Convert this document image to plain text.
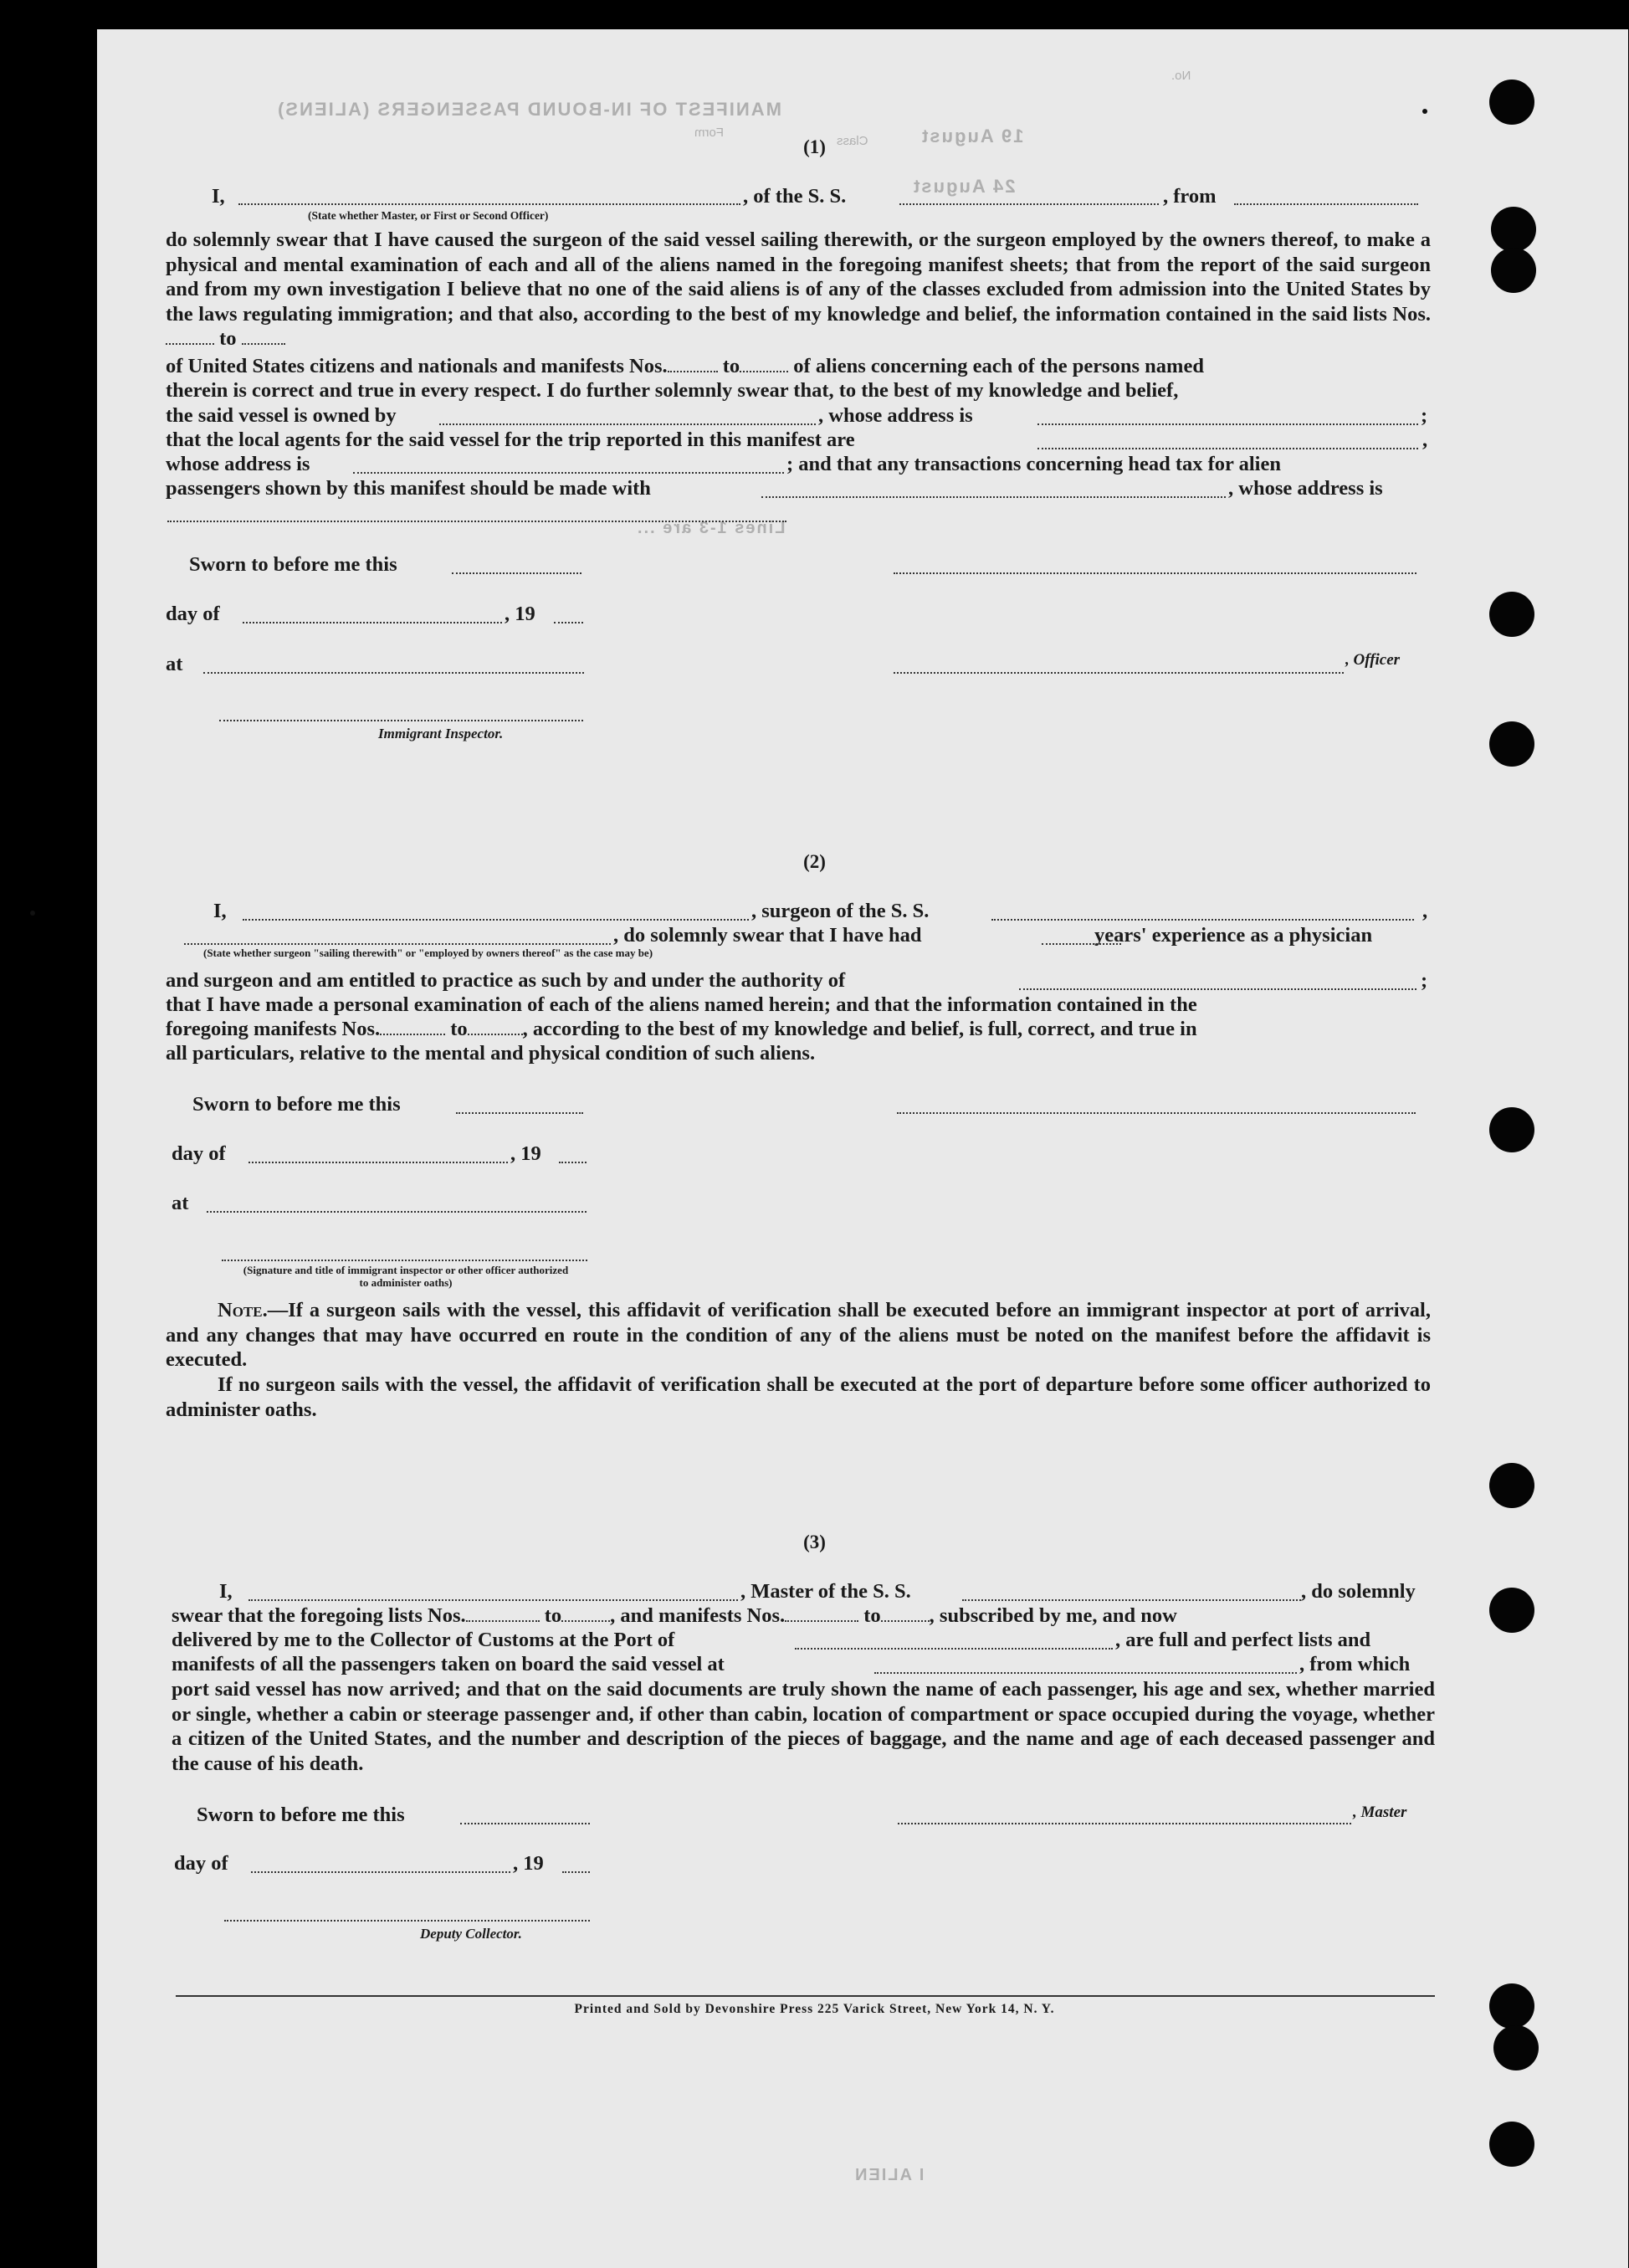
MANIFEST OF IN-BOUND PASSENGERS (ALIENS)
Class
Form
No.
19 August
24 August
Lines 1-3 are ...
I ALIEN
(1)
I,	, of the S. S.	, from
(State whether Master, or First or Second Officer)
do solemnly swear that I have caused the surgeon of the said vessel sailing therewith, or the surgeon employed by the owners thereof, to make a physical and mental examination of each and all of the aliens named in the foregoing manifest sheets; that from the report of the said surgeon and from my own investigation I believe that no one of the said aliens is of any of the classes excluded from admission into the United States by the laws regulating immigration; and that also, according to the best of my knowledge and belief, the information contained in the said lists Nos. to
of United States citizens and nationals and manifests Nos.	to	of aliens concerning each of the persons named
therein is correct and true in every respect. I do further solemnly swear that, to the best of my knowledge and belief,
the said vessel is owned by	, whose address is	;
that the local agents for the said vessel for the trip reported in this manifest are	,
whose address is	; and that any transactions concerning head tax for alien
passengers shown by this manifest should be made with	, whose address is
Sworn to before me this
day of	, 19
at	, Officer
Immigrant Inspector.
(2)
I,	, surgeon of the S. S.	,
, do solemnly swear that I have had	years' experience as a physician
(State whether surgeon "sailing therewith" or "employed by owners thereof" as the case may be)
and surgeon and am entitled to practice as such by and under the authority of	;
that I have made a personal examination of each of the aliens named herein; and that the information contained in the
foregoing manifests Nos.	to	, according to the best of my knowledge and belief, is full, correct, and true in
all particulars, relative to the mental and physical condition of such aliens.
Sworn to before me this
day of	, 19
at
(Signature and title of immigrant inspector or other officer authorized to administer oaths)
Note.—If a surgeon sails with the vessel, this affidavit of verification shall be executed before an immigrant inspector at port of arrival, and any changes that may have occurred en route in the condition of any of the aliens must be noted on the manifest before the affidavit is executed.
If no surgeon sails with the vessel, the affidavit of verification shall be executed at the port of departure before some officer authorized to administer oaths.
(3)
I,	, Master of the S. S.	, do solemnly
swear that the foregoing lists Nos.	to , and manifests Nos.	to , subscribed by me, and now
delivered by me to the Collector of Customs at the Port of	, are full and perfect lists and
manifests of all the passengers taken on board the said vessel at	, from which
port said vessel has now arrived; and that on the said documents are truly shown the name of each passenger, his age and sex, whether married or single, whether a cabin or steerage passenger and, if other than cabin, location of compartment or space occupied during the voyage, whether a citizen of the United States, and the number and description of the pieces of baggage, and the name and age of each deceased passenger and the cause of his death.
Sworn to before me this	, Master
day of	, 19
Deputy Collector.
Printed and Sold by Devonshire Press 225 Varick Street, New York 14, N. Y.
